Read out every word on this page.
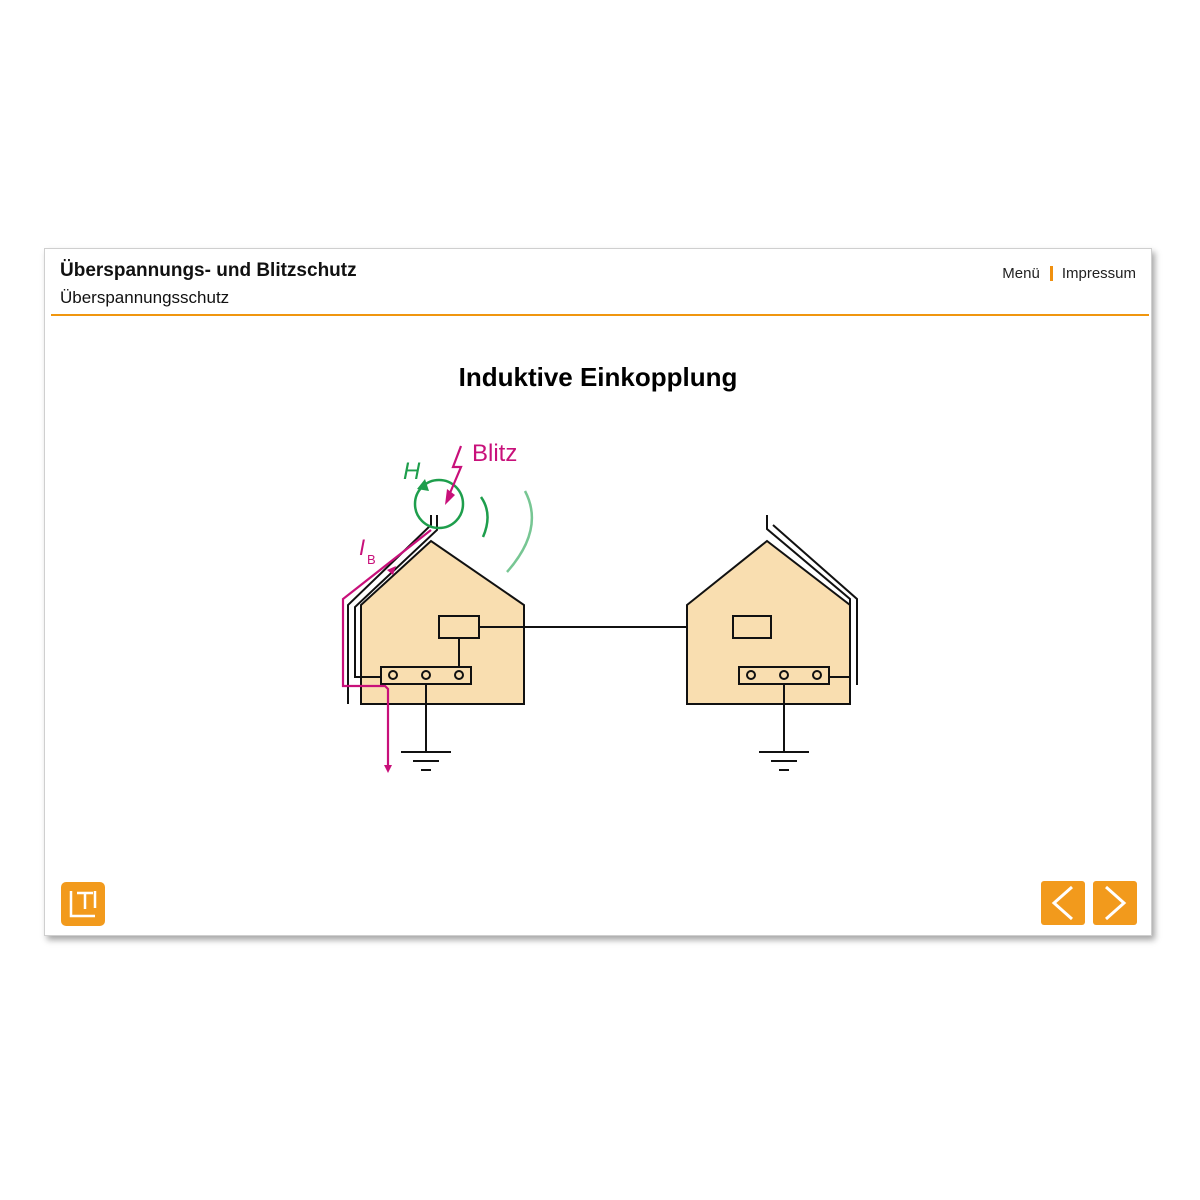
Überspannungs- und Blitzschutz
Überspannungsschutz
Menü Impressum
Induktive Einkopplung
H
Blitz
I B
